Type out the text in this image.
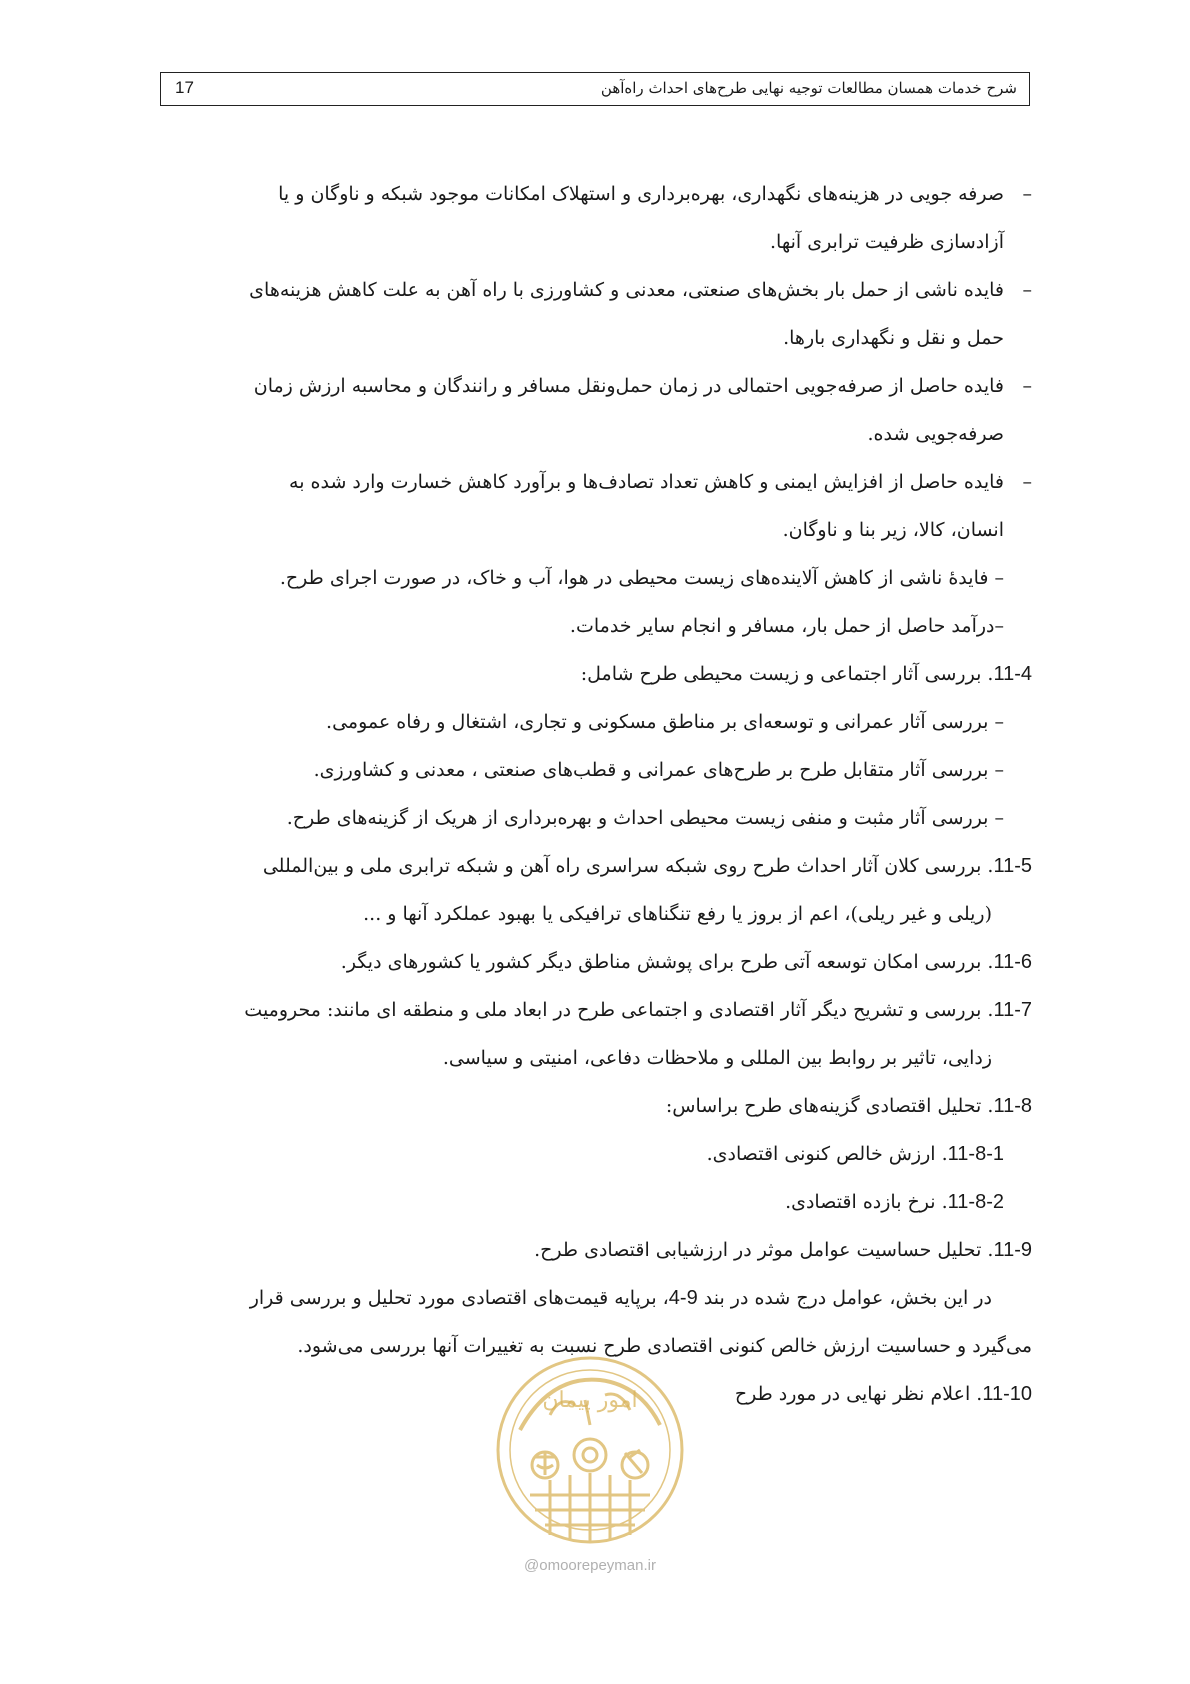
17	شرح خدمات همسان مطالعات توجیه نهایی طرح‌های احداث راه‌آهن
–صرفه جویی در هزینه‌های نگهداری، بهره‌برداری و استهلاک امکانات موجود شبکه و ناوگان و یا
آزادسازی ظرفیت ترابری آنها.
–فایده ناشی از حمل بار بخش‌های صنعتی، معدنی و کشاورزی با راه آهن به علت کاهش هزینه‌های
حمل و نقل و نگهداری بارها.
–فایده حاصل از صرفه‌جویی احتمالی در زمان حمل‌ونقل مسافر و رانندگان و محاسبه ارزش زمان
صرفه‌جویی شده.
–فایده حاصل از افزایش ایمنی و کاهش تعداد تصادف‌ها و برآورد کاهش خسارت وارد شده به
انسان، کالا، زیر بنا و ناوگان.
– فایدهٔ ناشی از کاهش آلاینده‌های زیست محیطی در هوا، آب و خاک، در صورت اجرای طرح.
–درآمد حاصل از حمل بار، مسافر و انجام سایر خدمات.
11-4. بررسی آثار اجتماعی و زیست محیطی طرح شامل:
– بررسی آثار عمرانی و توسعه‌ای بر مناطق مسکونی و تجاری، اشتغال و رفاه عمومی.
– بررسی آثار متقابل طرح بر طرح‌های عمرانی و قطب‌های صنعتی ، معدنی و کشاورزی.
– بررسی آثار مثبت و منفی زیست محیطی احداث و بهره‌برداری از هریک از گزینه‌های طرح.
11-5. بررسی کلان آثار احداث طرح روی شبکه سراسری راه آهن و شبکه ترابری ملی و بین‌المللی
(ریلی و غیر ریلی)، اعم از بروز یا رفع تنگناهای ترافیکی یا بهبود عملکرد آنها و ...
11-6. بررسی امکان توسعه آتی طرح برای پوشش مناطق دیگر کشور یا کشورهای دیگر.
11-7. بررسی و تشریح دیگر آثار اقتصادی و اجتماعی طرح در ابعاد ملی و منطقه ای مانند: محرومیت
زدایی، تاثیر بر روابط بین المللی و ملاحظات دفاعی، امنیتی و سیاسی.
11-8. تحلیل اقتصادی گزینه‌های طرح براساس:
11-8-1. ارزش خالص کنونی اقتصادی.
11-8-2. نرخ بازده اقتصادی.
11-9. تحلیل حساسیت عوامل موثر در ارزشیابی اقتصادی طرح.
در این بخش، عوامل درج شده در بند 9-4، برپایه قیمت‌های اقتصادی مورد تحلیل و بررسی قرار
می‌گیرد و حساسیت ارزش خالص کنونی اقتصادی طرح نسبت به تغییرات آنها بررسی می‌شود.
11-10. اعلام نظر نهایی در مورد طرح
امور پیمان
@omoorepeyman.ir
